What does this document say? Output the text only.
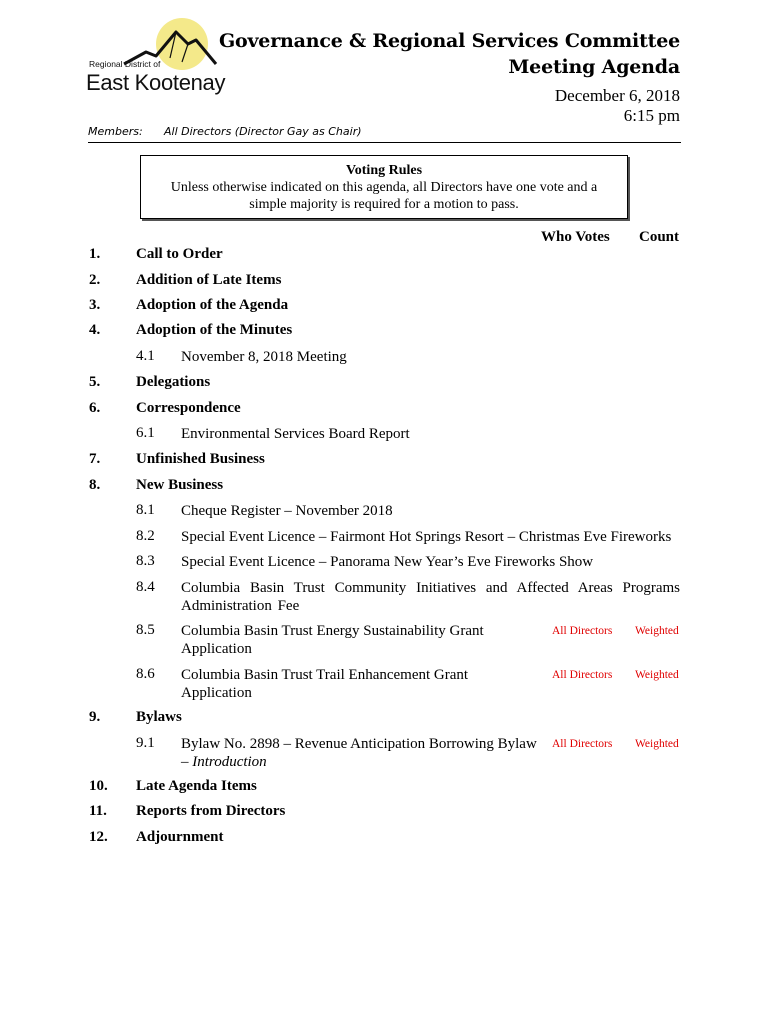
Regional District of
East Kootenay
Governance & Regional Services Committee
Meeting Agenda
December 6, 2018
6:15 pm
Members: All Directors (Director Gay as Chair)
Voting Rules
Unless otherwise indicated on this agenda, all Directors have one vote and a
simple majority is required for a motion to pass.
Who Votes Count
1. Call to Order
2. Addition of Late Items
3. Adoption of the Agenda
4. Adoption of the Minutes
4.1 November 8, 2018 Meeting
5. Delegations
6. Correspondence
6.1 Environmental Services Board Report
7. Unfinished Business
8. New Business
8.1 Cheque Register – November 2018
8.2 Special Event Licence – Fairmont Hot Springs Resort – Christmas Eve Fireworks
8.3 Special Event Licence – Panorama New Year’s Eve Fireworks Show
8.4 Columbia Basin Trust Community Initiatives and Affected Areas Programs Administration Fee
8.5 Columbia Basin Trust Energy Sustainability Grant Application
All Directors Weighted
8.6 Columbia Basin Trust Trail Enhancement Grant Application
All Directors Weighted
9. Bylaws
9.1 Bylaw No. 2898 – Revenue Anticipation Borrowing Bylaw
– Introduction
All Directors Weighted
10. Late Agenda Items
11. Reports from Directors
12. Adjournment
